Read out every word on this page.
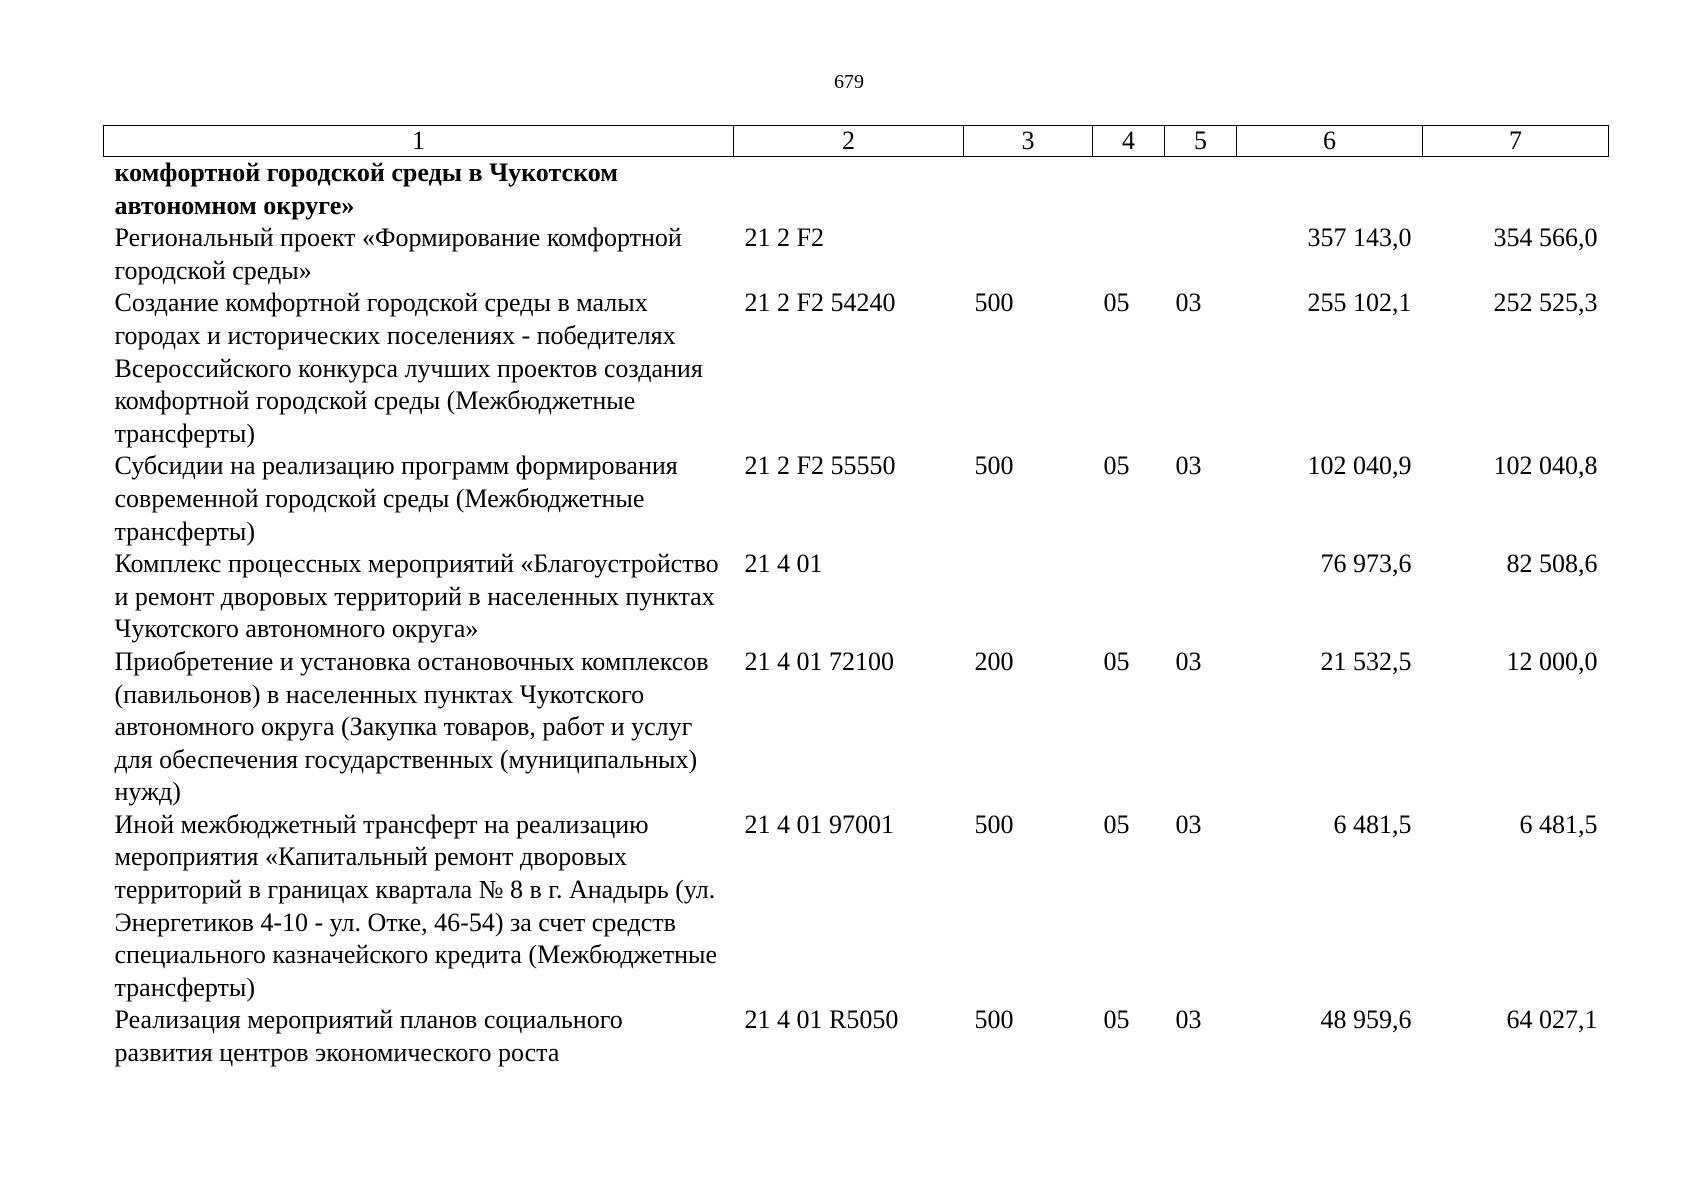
679
1	2	3	4	5	6	7
комфортной городской среды в Чукотском автономном округе»						
Региональный проект «Формирование комфортной городской среды»	21 2 F2				357 143,0	354 566,0
Создание комфортной городской среды в малых городах и исторических поселениях - победителях Всероссийского конкурса лучших проектов создания комфортной городской среды (Межбюджетные трансферты)	21 2 F2 54240	500	05	03	255 102,1	252 525,3
Субсидии на реализацию программ формирования современной городской среды (Межбюджетные трансферты)	21 2 F2 55550	500	05	03	102 040,9	102 040,8
Комплекс процессных мероприятий «Благоустройство и ремонт дворовых территорий в населенных пунктах Чукотского автономного округа»	21 4 01				76 973,6	82 508,6
Приобретение и установка остановочных комплексов (павильонов) в населенных пунктах Чукотского автономного округа (Закупка товаров, работ и услуг для обеспечения государственных (муниципальных) нужд)	21 4 01 72100	200	05	03	21 532,5	12 000,0
Иной межбюджетный трансферт на реализацию мероприятия «Капитальный ремонт дворовых территорий в границах квартала № 8 в г. Анадырь (ул. Энергетиков 4-10 - ул. Отке, 46-54) за счет средств специального казначейского кредита (Межбюджетные трансферты)	21 4 01 97001	500	05	03	6 481,5	6 481,5
Реализация мероприятий планов социального развития центров экономического роста	21 4 01 R5050	500	05	03	48 959,6	64 027,1
